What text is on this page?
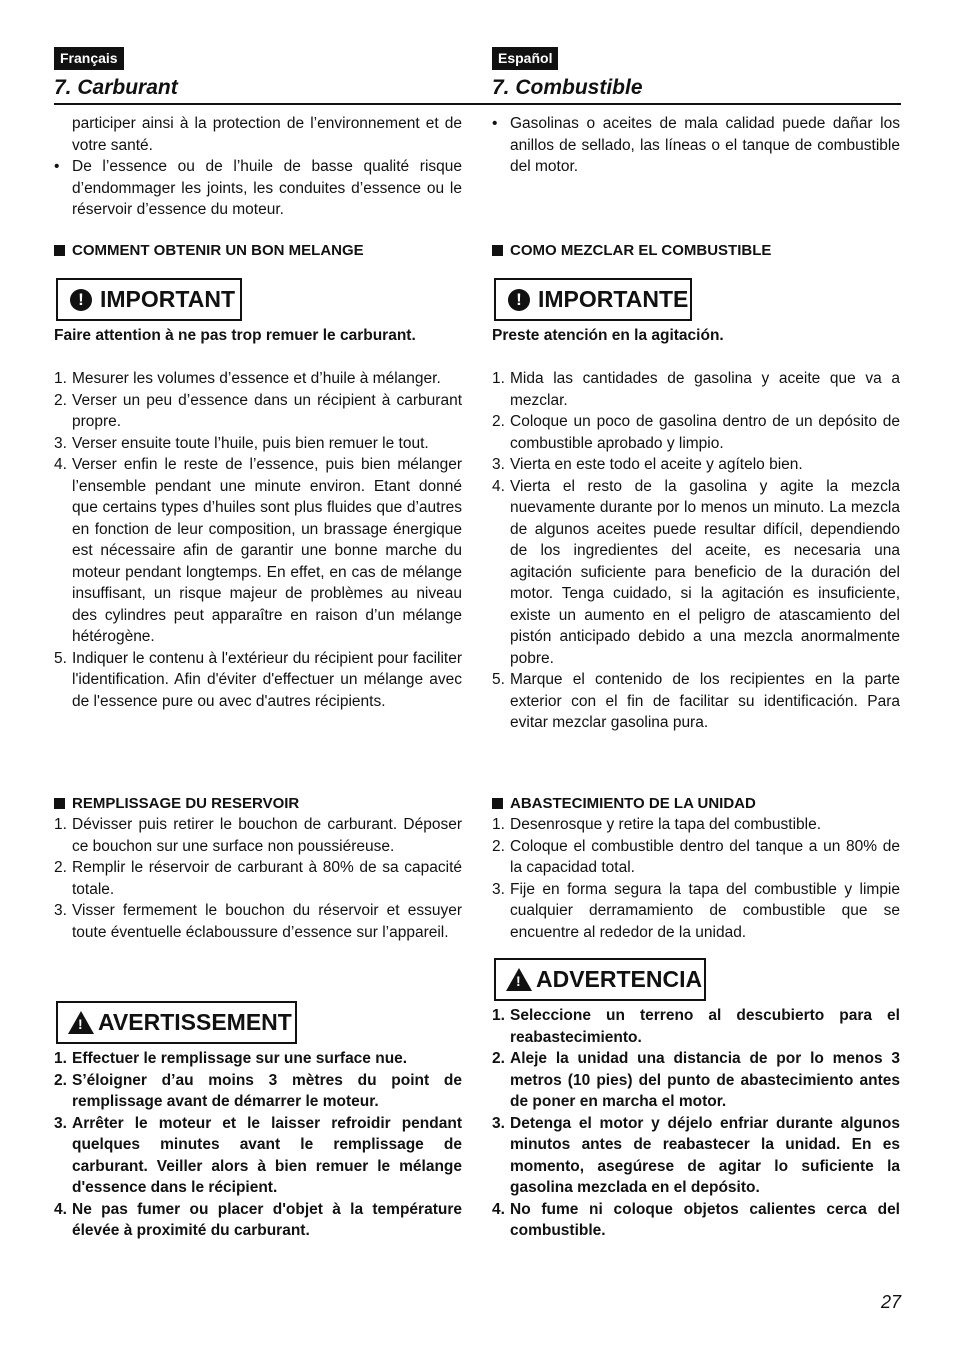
Français
7. Carburant
participer ainsi à la protection de l’environnement et de votre santé.
• De l’essence ou de l’huile de basse qualité risque d’endommager les joints, les conduites d’essence ou le réservoir d’essence du moteur.
COMMENT OBTENIR UN BON MELANGE
! IMPORTANT
Faire attention à ne pas trop remuer le carburant.
1. Mesurer les volumes d’essence et d’huile à mélanger.
2. Verser un peu d’essence dans un récipient à carburant propre.
3. Verser ensuite toute l’huile, puis bien remuer le tout.
4. Verser enfin le reste de l’essence, puis bien mélanger l’ensemble pendant une minute environ. Etant donné que certains types d’huiles sont plus fluides que d’autres en fonction de leur composition, un brassage énergique est nécessaire afin de garantir une bonne marche du moteur pendant longtemps. En effet, en cas de mélange insuffisant, un risque majeur de problèmes au niveau des cylindres peut apparaître en raison d’un mélange hétérogène.
5. Indiquer le contenu à l'extérieur du récipient pour faciliter l'identification. Afin d'éviter d'effectuer un mélange avec de l'essence pure ou avec d'autres récipients.
REMPLISSAGE DU RESERVOIR
1. Dévisser puis retirer le bouchon de carburant. Déposer ce bouchon sur une surface non poussiéreuse.
2. Remplir le réservoir de carburant à 80% de sa capacité totale.
3. Visser fermement le bouchon du réservoir et essuyer toute éventuelle éclaboussure d’essence sur l’appareil.
! AVERTISSEMENT
1. Effectuer le remplissage sur une surface nue.
2. S’éloigner d’au moins 3 mètres du point de remplissage avant de démarrer le moteur.
3. Arrêter le moteur et le laisser refroidir pendant quelques minutes avant le remplissage de carburant. Veiller alors à bien remuer le mélange d'essence dans le récipient.
4. Ne pas fumer ou placer d'objet à la température élevée à proximité du carburant.
Español
7. Combustible
• Gasolinas o aceites de mala calidad puede dañar los anillos de sellado, las líneas o el tanque de combustible del motor.
COMO MEZCLAR EL COMBUSTIBLE
! IMPORTANTE
Preste atención en la agitación.
1. Mida las cantidades de gasolina y aceite que va a mezclar.
2. Coloque un poco de gasolina dentro de un depósito de combustible aprobado y limpio.
3. Vierta en este todo el aceite y agítelo bien.
4. Vierta el resto de la gasolina y agite la mezcla nuevamente durante por lo menos un minuto. La mezcla de algunos aceites puede resultar difícil, dependiendo de los ingredientes del aceite, es necesaria una agitación suficiente para beneficio de la duración del motor. Tenga cuidado, si la agitación es insuficiente, existe un aumento en el peligro de atascamiento del pistón anticipado debido a una mezcla anormalmente pobre.
5. Marque el contenido de los recipientes en la parte exterior con el fin de facilitar su identificación. Para evitar mezclar gasolina pura.
ABASTECIMIENTO DE LA UNIDAD
1. Desenrosque y retire la tapa del combustible.
2. Coloque el combustible dentro del tanque a un 80% de la capacidad total.
3. Fije en forma segura la tapa del combustible y limpie cualquier derramamiento de combustible que se encuentre al rededor de la unidad.
! ADVERTENCIA
1. Seleccione un terreno al descubierto para el reabastecimiento.
2. Aleje la unidad una distancia de por lo menos 3 metros (10 pies) del punto de abastecimiento antes de poner en marcha el motor.
3. Detenga el motor y déjelo enfriar durante algunos minutos antes de reabastecer la unidad. En es momento, asegúrese de agitar lo suficiente la gasolina mezclada en el depósito.
4. No fume ni coloque objetos calientes cerca del combustible.
27
